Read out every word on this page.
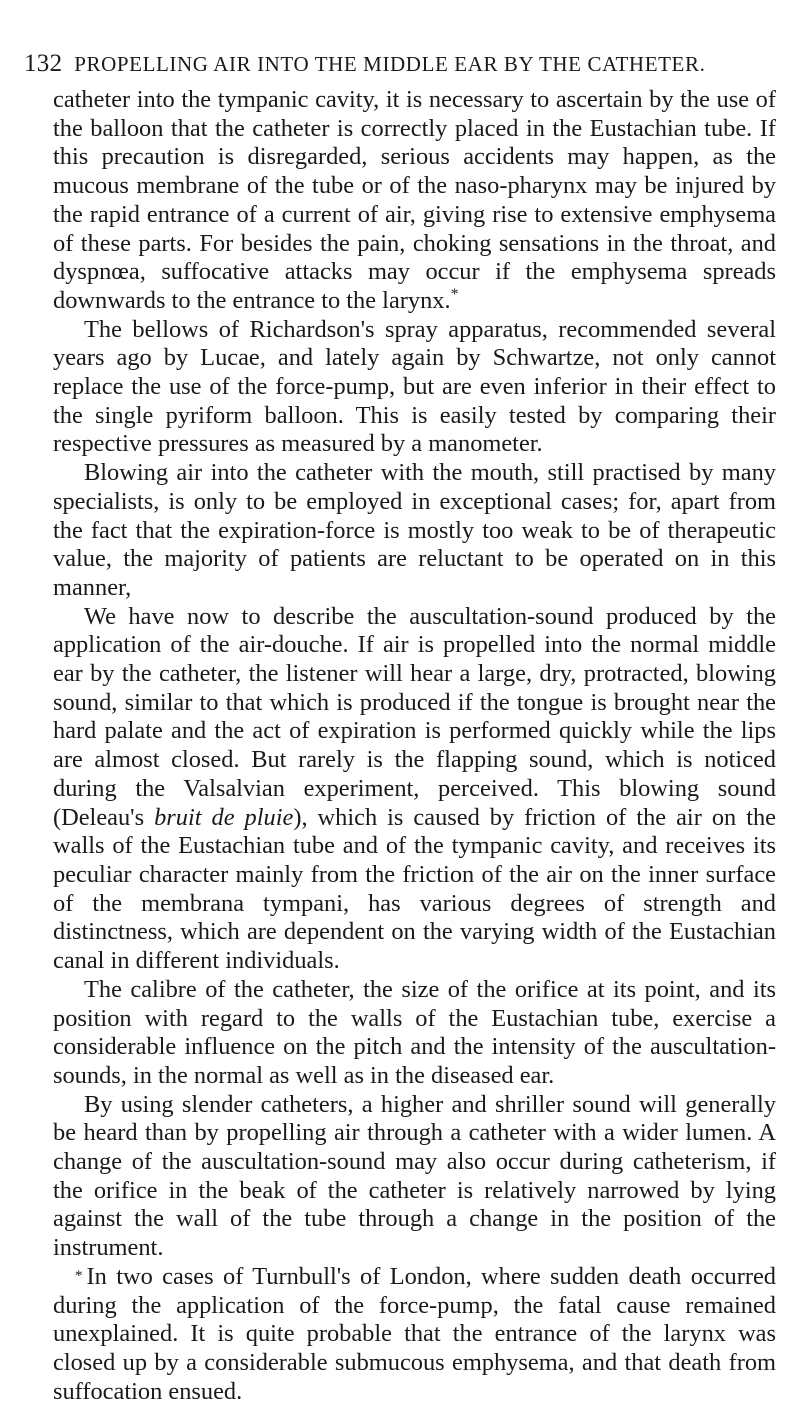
132 PROPELLING AIR INTO THE MIDDLE EAR BY THE CATHETER.

catheter into the tympanic cavity, it is necessary to ascertain by the use of the balloon that the catheter is correctly placed in the Eustachian tube. If this precaution is disregarded, serious accidents may happen, as the mucous membrane of the tube or of the naso-pharynx may be injured by the rapid entrance of a current of air, giving rise to extensive emphysema of these parts. For besides the pain, choking sensations in the throat, and dyspnœa, suffocative attacks may occur if the emphysema spreads downwards to the entrance to the larynx.*

The bellows of Richardson's spray apparatus, recommended several years ago by Lucae, and lately again by Schwartze, not only cannot replace the use of the force-pump, but are even inferior in their effect to the single pyriform balloon. This is easily tested by comparing their respective pressures as measured by a manometer.

Blowing air into the catheter with the mouth, still practised by many specialists, is only to be employed in exceptional cases; for, apart from the fact that the expiration-force is mostly too weak to be of therapeutic value, the majority of patients are reluctant to be operated on in this manner,

We have now to describe the auscultation-sound produced by the application of the air-douche. If air is propelled into the normal middle ear by the catheter, the listener will hear a large, dry, protracted, blowing sound, similar to that which is produced if the tongue is brought near the hard palate and the act of expiration is performed quickly while the lips are almost closed. But rarely is the flapping sound, which is noticed during the Valsalvian experiment, perceived. This blowing sound (Deleau's bruit de pluie), which is caused by friction of the air on the walls of the Eustachian tube and of the tympanic cavity, and receives its peculiar character mainly from the friction of the air on the inner surface of the membrana tympani, has various degrees of strength and distinctness, which are dependent on the varying width of the Eustachian canal in different individuals.

The calibre of the catheter, the size of the orifice at its point, and its position with regard to the walls of the Eustachian tube, exercise a considerable influence on the pitch and the intensity of the auscultation-sounds, in the normal as well as in the diseased ear.

By using slender catheters, a higher and shriller sound will generally be heard than by propelling air through a catheter with a wider lumen. A change of the auscultation-sound may also occur during catheterism, if the orifice in the beak of the catheter is relatively narrowed by lying against the wall of the tube through a change in the position of the instrument.

* In two cases of Turnbull's of London, where sudden death occurred during the application of the force-pump, the fatal cause remained unexplained. It is quite probable that the entrance of the larynx was closed up by a considerable submucous emphysema, and that death from suffocation ensued.
